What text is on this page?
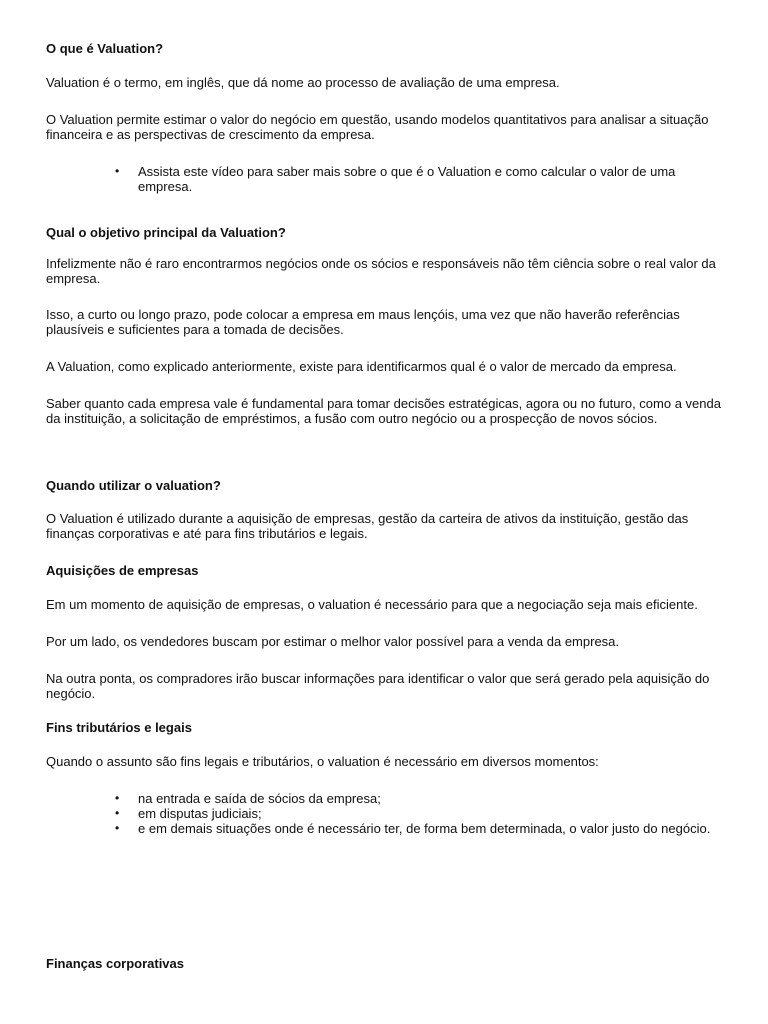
O que é Valuation?

Valuation é o termo, em inglês, que dá nome ao processo de avaliação de uma empresa.

O Valuation permite estimar o valor do negócio em questão, usando modelos quantitativos para analisar a situação financeira e as perspectivas de crescimento da empresa.

• Assista este vídeo para saber mais sobre o que é o Valuation e como calcular o valor de uma empresa.
Qual o objetivo principal da Valuation?

Infelizmente não é raro encontrarmos negócios onde os sócios e responsáveis não têm ciência sobre o real valor da empresa.

Isso, a curto ou longo prazo, pode colocar a empresa em maus lençóis, uma vez que não haverão referências plausíveis e suficientes para a tomada de decisões.

A Valuation, como explicado anteriormente, existe para identificarmos qual é o valor de mercado da empresa.

Saber quanto cada empresa vale é fundamental para tomar decisões estratégicas, agora ou no futuro, como a venda da instituição, a solicitação de empréstimos, a fusão com outro negócio ou a prospecção de novos sócios.

Quando utilizar o valuation?

O Valuation é utilizado durante a aquisição de empresas, gestão da carteira de ativos da instituição, gestão das finanças corporativas e até para fins tributários e legais.

Aquisições de empresas

Em um momento de aquisição de empresas, o valuation é necessário para que a negociação seja mais eficiente.

Por um lado, os vendedores buscam por estimar o melhor valor possível para a venda da empresa.

Na outra ponta, os compradores irão buscar informações para identificar o valor que será gerado pela aquisição do negócio.

Fins tributários e legais

Quando o assunto são fins legais e tributários, o valuation é necessário em diversos momentos:

• na entrada e saída de sócios da empresa;
• em disputas judiciais;
• e em demais situações onde é necessário ter, de forma bem determinada, o valor justo do negócio.
Finanças corporativas
